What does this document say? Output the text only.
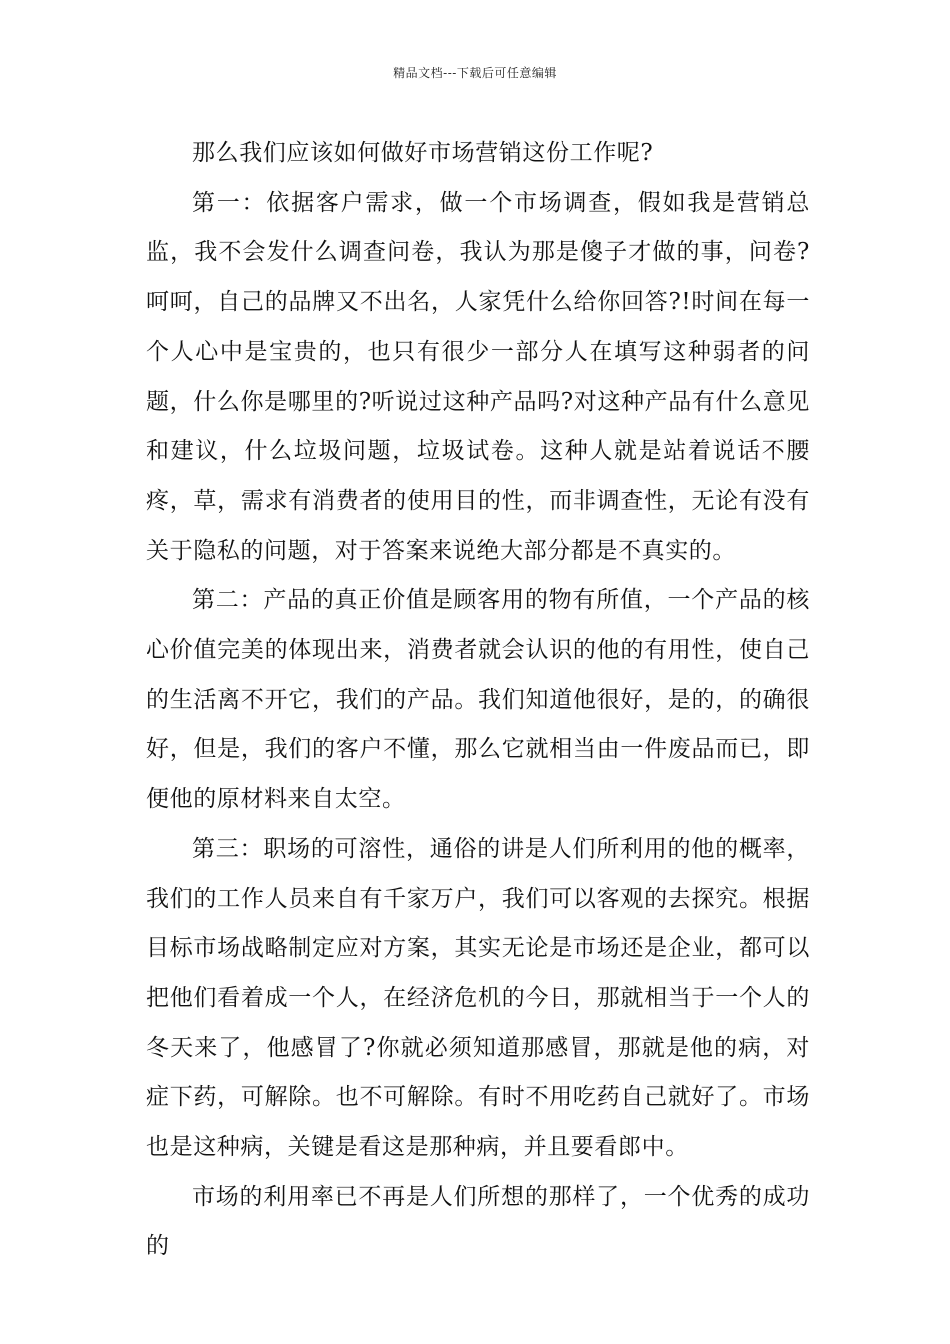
精品文档---下载后可任意编辑

那么我们应该如何做好市场营销这份工作呢?

第一：依据客户需求，做一个市场调查，假如我是营销总监，我不会发什么调查问卷，我认为那是傻子才做的事，问卷?呵呵，自己的品牌又不出名，人家凭什么给你回答?!时间在每一个人心中是宝贵的，也只有很少一部分人在填写这种弱者的问题，什么你是哪里的?听说过这种产品吗?对这种产品有什么意见和建议，什么垃圾问题，垃圾试卷。这种人就是站着说话不腰疼，草，需求有消费者的使用目的性，而非调查性，无论有没有关于隐私的问题，对于答案来说绝大部分都是不真实的。

第二：产品的真正价值是顾客用的物有所值，一个产品的核心价值完美的体现出来，消费者就会认识的他的有用性，使自己的生活离不开它，我们的产品。我们知道他很好，是的，的确很好，但是，我们的客户不懂，那么它就相当由一件废品而已，即便他的原材料来自太空。

第三：职场的可溶性，通俗的讲是人们所利用的他的概率，我们的工作人员来自有千家万户，我们可以客观的去探究。根据目标市场战略制定应对方案，其实无论是市场还是企业，都可以把他们看着成一个人，在经济危机的今日，那就相当于一个人的冬天来了，他感冒了?你就必须知道那感冒，那就是他的病，对症下药，可解除。也不可解除。有时不用吃药自己就好了。市场也是这种病，关键是看这是那种病，并且要看郎中。

市场的利用率已不再是人们所想的那样了，一个优秀的成功的
